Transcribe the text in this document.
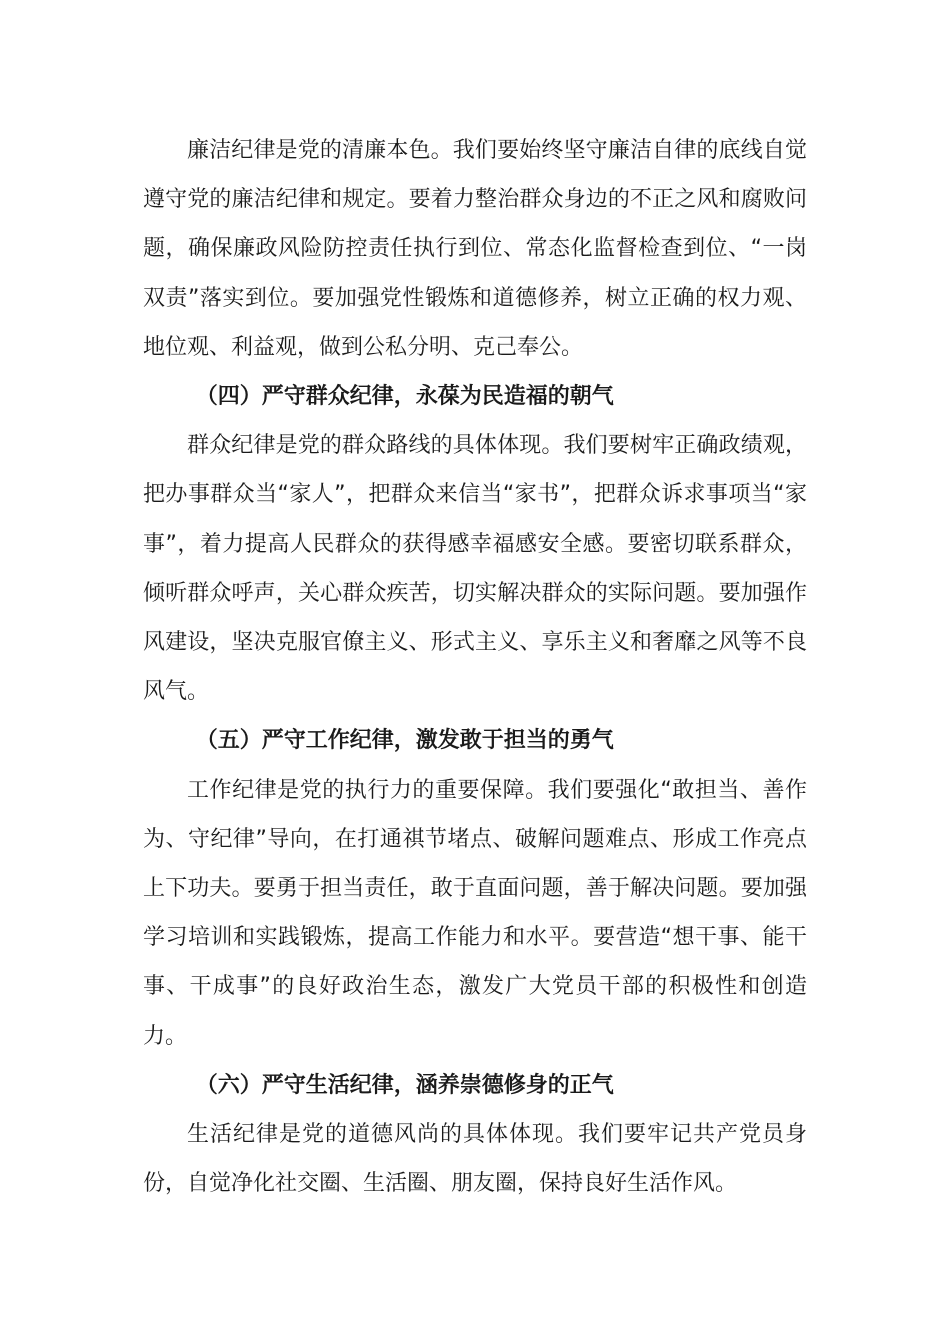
廉洁纪律是党的清廉本色。我们要始终坚守廉洁自律的底线自觉遵守党的廉洁纪律和规定。要着力整治群众身边的不正之风和腐败问题，确保廉政风险防控责任执行到位、常态化监督检查到位、“一岗双责”落实到位。要加强党性锻炼和道德修养，树立正确的权力观、地位观、利益观，做到公私分明、克己奉公。

（四）严守群众纪律，永葆为民造福的朝气

群众纪律是党的群众路线的具体体现。我们要树牢正确政绩观，把办事群众当“家人”，把群众来信当“家书”，把群众诉求事项当“家事”，着力提高人民群众的获得感幸福感安全感。要密切联系群众，倾听群众呼声，关心群众疾苦，切实解决群众的实际问题。要加强作风建设，坚决克服官僚主义、形式主义、享乐主义和奢靡之风等不良风气。

（五）严守工作纪律，激发敢于担当的勇气

工作纪律是党的执行力的重要保障。我们要强化“敢担当、善作为、守纪律”导向，在打通祺节堵点、破解问题难点、形成工作亮点上下功夫。要勇于担当责任，敢于直面问题，善于解决问题。要加强学习培训和实践锻炼，提高工作能力和水平。要营造“想干事、能干事、干成事”的良好政治生态，激发广大党员干部的积极性和创造力。

（六）严守生活纪律，涵养崇德修身的正气

生活纪律是党的道德风尚的具体体现。我们要牢记共产党员身份，自觉净化社交圈、生活圈、朋友圈，保持良好生活作风。
